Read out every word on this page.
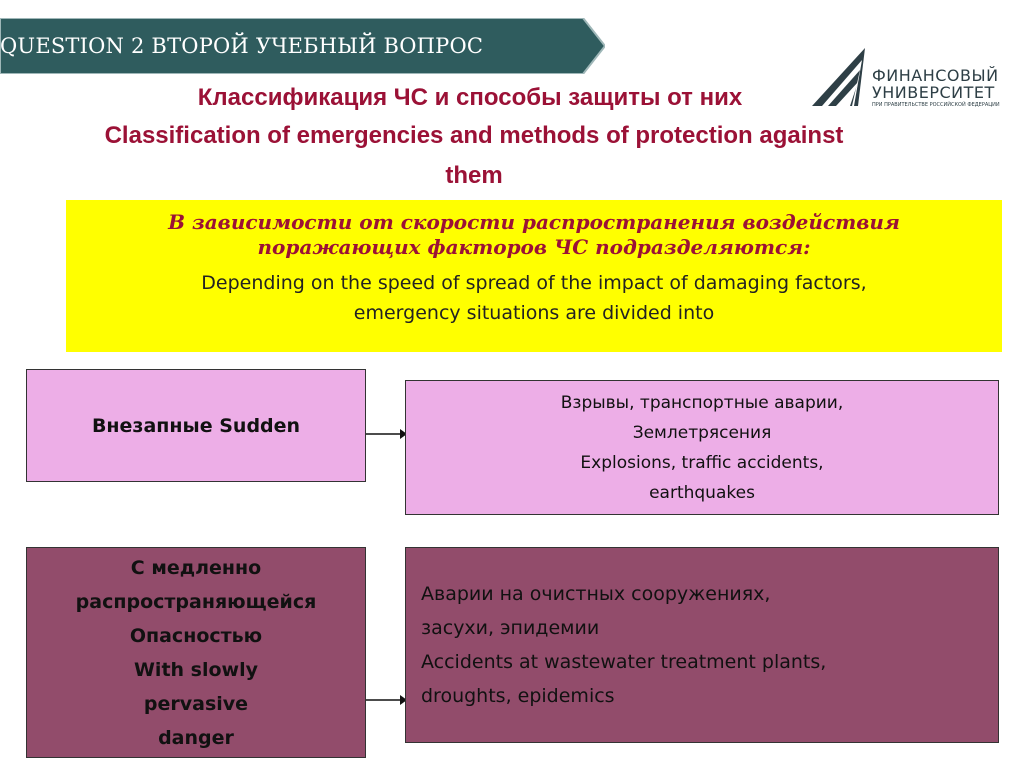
QUESTION 2 ВТОРОЙ УЧЕБНЫЙ ВОПРОС
ФИНАНСОВЫЙ
УНИВЕРСИТЕТ
ПРИ ПРАВИТЕЛЬСТВЕ РОССИЙСКОЙ ФЕДЕРАЦИИ
Классификация ЧС и способы защиты от них
Classification of emergencies and methods of protection against
them
В зависимости от скорости распространения воздействия
поражающих факторов ЧС подразделяются:
Depending on the speed of spread of the impact of damaging factors,
emergency situations are divided into
Внезапные Sudden
Взрывы, транспортные аварии,
Землетрясения
Explosions, traffic accidents,
earthquakes
С медленно
распространяющейся
Опасностью
With slowly
pervasive
danger
Аварии на очистных сооружениях,
засухи, эпидемии
Accidents at wastewater treatment plants,
droughts, epidemics
